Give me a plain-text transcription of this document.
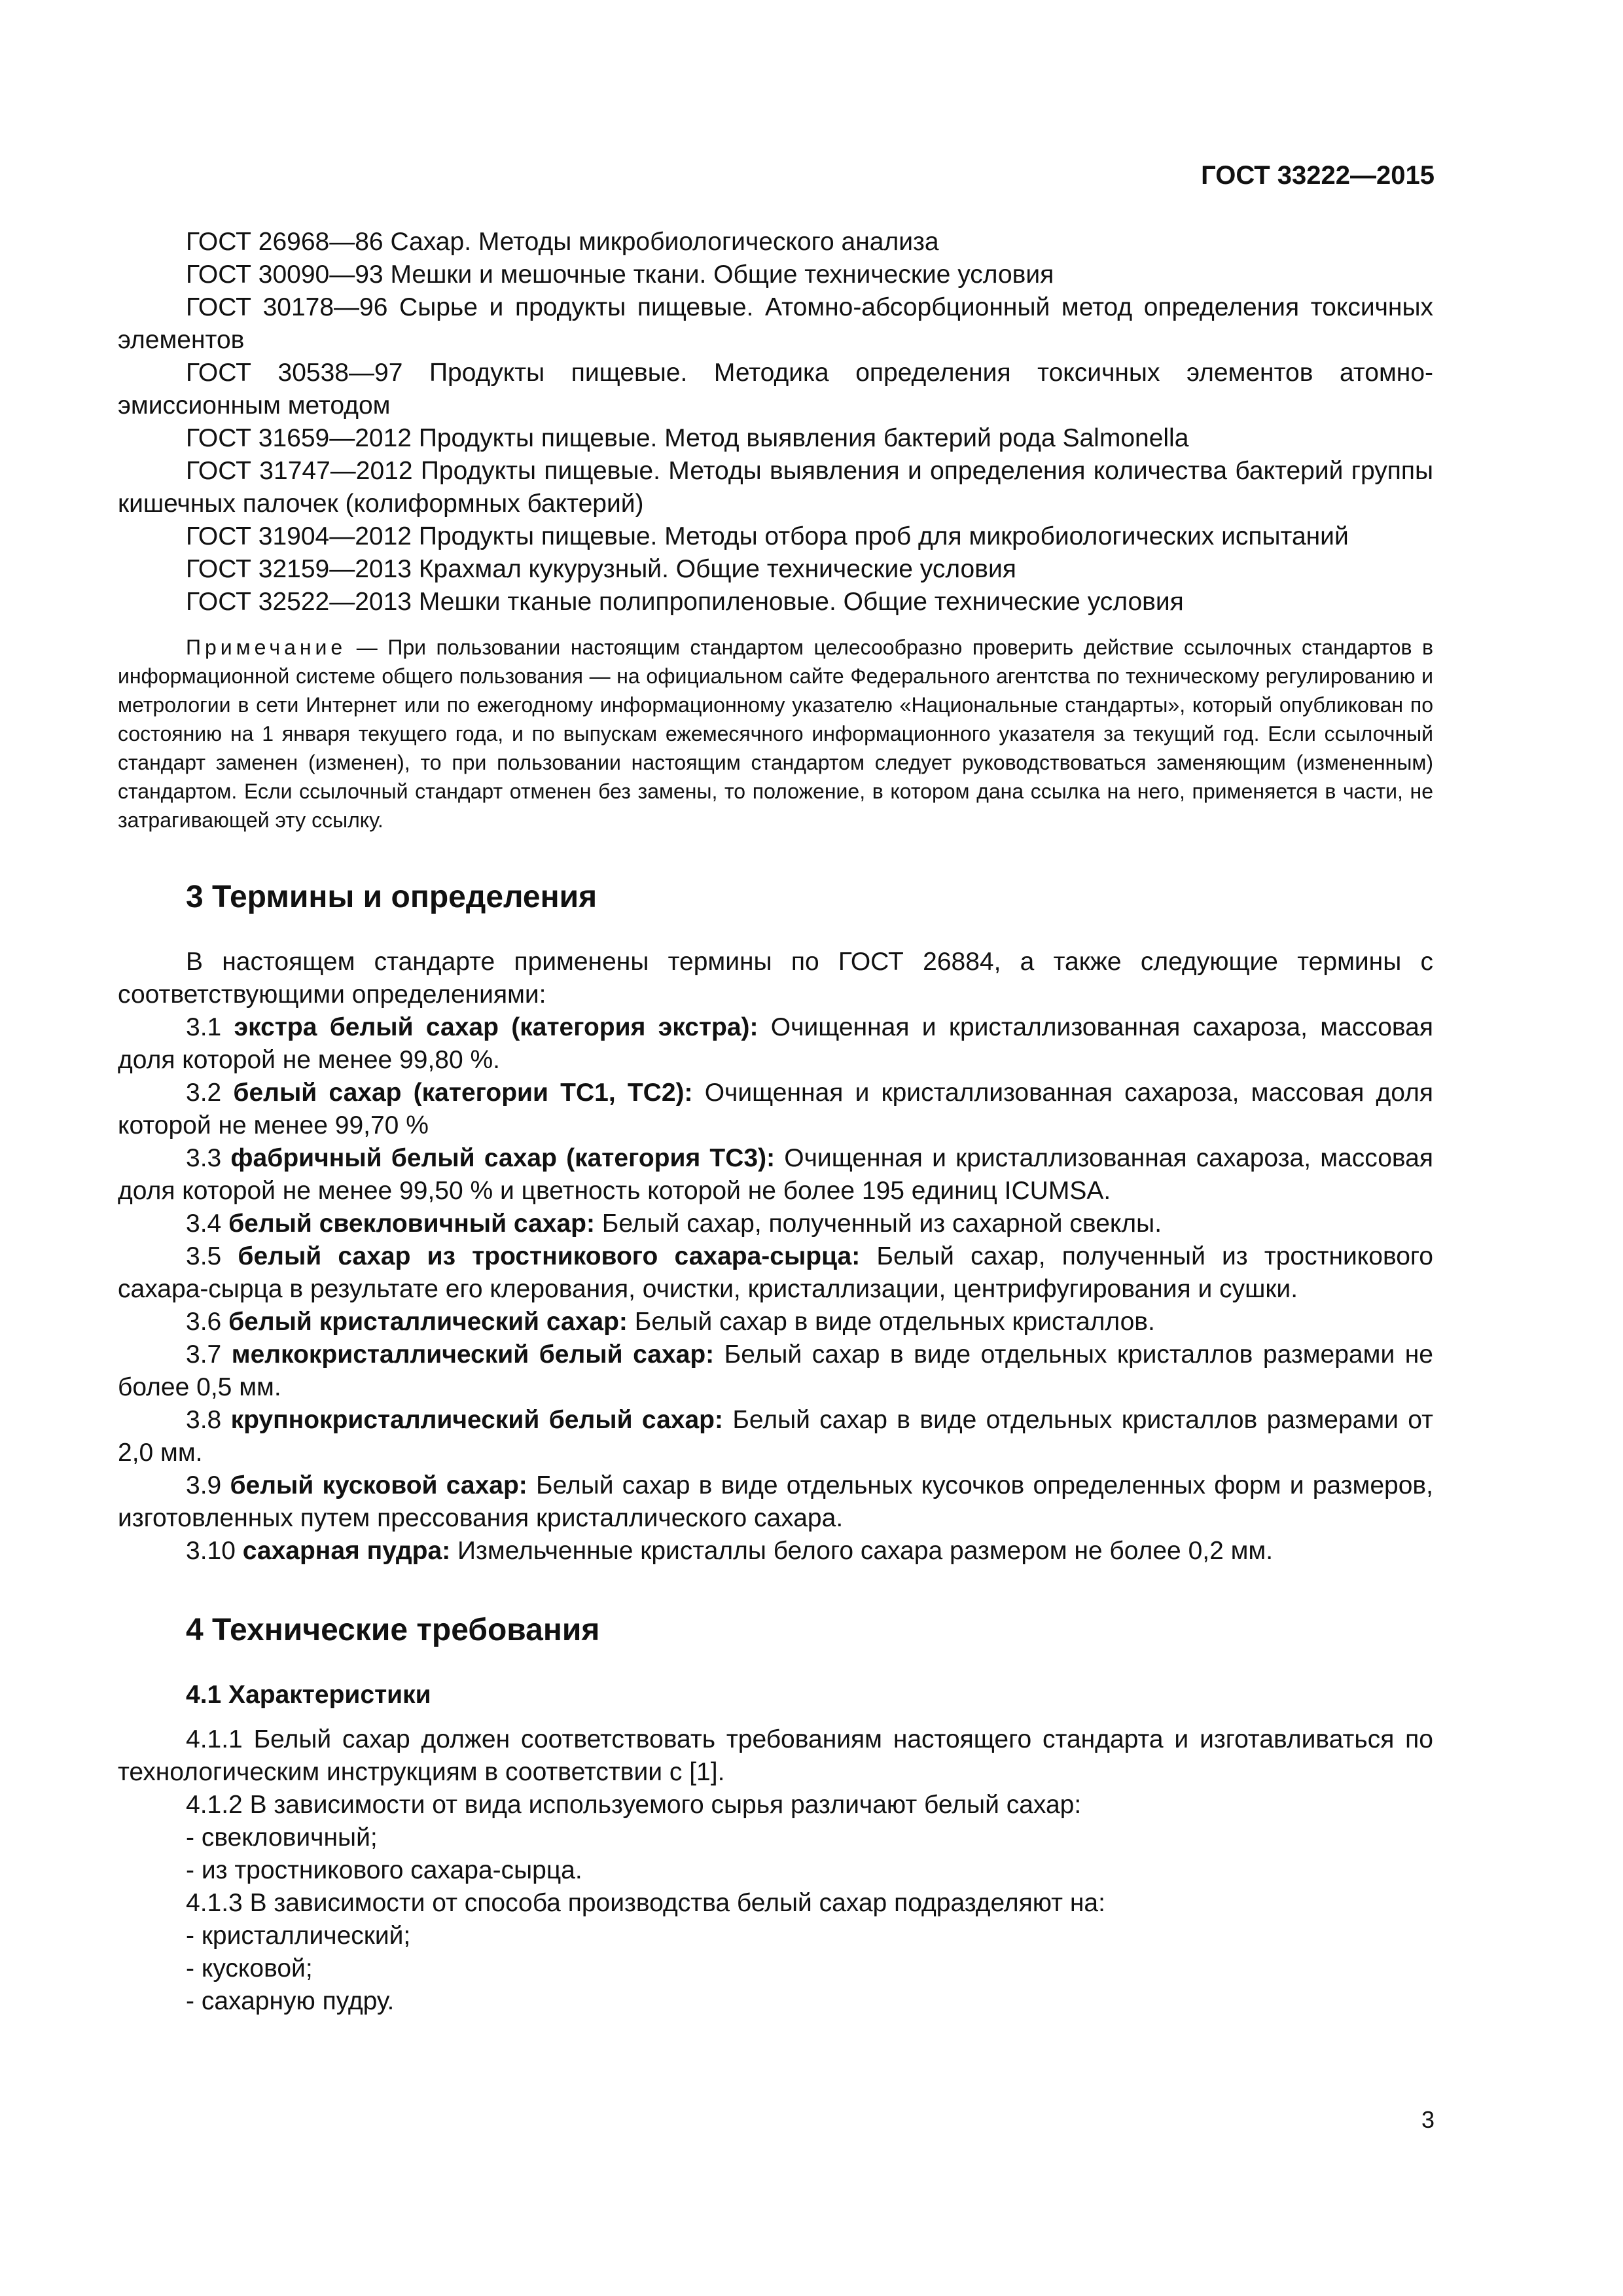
ГОСТ 33222—2015

ГОСТ 26968—86 Сахар. Методы микробиологического анализа

ГОСТ 30090—93 Мешки и мешочные ткани. Общие технические условия

ГОСТ 30178—96 Сырье и продукты пищевые. Атомно-абсорбционный метод определения токсичных элементов

ГОСТ 30538—97 Продукты пищевые. Методика определения токсичных элементов атомно-эмиссионным методом

ГОСТ 31659—2012 Продукты пищевые. Метод выявления бактерий рода Salmonella

ГОСТ 31747—2012 Продукты пищевые. Методы выявления и определения количества бактерий группы кишечных палочек (колиформных бактерий)

ГОСТ 31904—2012 Продукты пищевые. Методы отбора проб для микробиологических испытаний

ГОСТ 32159—2013 Крахмал кукурузный. Общие технические условия

ГОСТ 32522—2013 Мешки тканые полипропиленовые. Общие технические условия

Примечание — При пользовании настоящим стандартом целесообразно проверить действие ссылочных стандартов в информационной системе общего пользования — на официальном сайте Федерального агентства по техническому регулированию и метрологии в сети Интернет или по ежегодному информационному указателю «Национальные стандарты», который опубликован по состоянию на 1 января текущего года, и по выпускам ежемесячного информационного указателя за текущий год. Если ссылочный стандарт заменен (изменен), то при пользовании настоящим стандартом следует руководствоваться заменяющим (измененным) стандартом. Если ссылочный стандарт отменен без замены, то положение, в котором дана ссылка на него, применяется в части, не затрагивающей эту ссылку.

3 Термины и определения

В настоящем стандарте применены термины по ГОСТ 26884, а также следующие термины с соответствующими определениями:

3.1 экстра белый сахар (категория экстра): Очищенная и кристаллизованная сахароза, массовая доля которой не менее 99,80 %.

3.2 белый сахар (категории ТС1, ТС2): Очищенная и кристаллизованная сахароза, массовая доля которой не менее 99,70 %

3.3 фабричный белый сахар (категория ТС3): Очищенная и кристаллизованная сахароза, массовая доля которой не менее 99,50 % и цветность которой не более 195 единиц ICUMSA.

3.4 белый свекловичный сахар: Белый сахар, полученный из сахарной свеклы.

3.5 белый сахар из тростникового сахара-сырца: Белый сахар, полученный из тростникового сахара-сырца в результате его клерования, очистки, кристаллизации, центрифугирования и сушки.

3.6 белый кристаллический сахар: Белый сахар в виде отдельных кристаллов.

3.7 мелкокристаллический белый сахар: Белый сахар в виде отдельных кристаллов размерами не более 0,5 мм.

3.8 крупнокристаллический белый сахар: Белый сахар в виде отдельных кристаллов размерами от 2,0 мм.

3.9 белый кусковой сахар: Белый сахар в виде отдельных кусочков определенных форм и размеров, изготовленных путем прессования кристаллического сахара.

3.10 сахарная пудра: Измельченные кристаллы белого сахара размером не более 0,2 мм.

4 Технические требования
4.1 Характеристики

4.1.1 Белый сахар должен соответствовать требованиям настоящего стандарта и изготавливаться по технологическим инструкциям в соответствии с [1].

4.1.2 В зависимости от вида используемого сырья различают белый сахар:

- свекловичный;

- из тростникового сахара-сырца.

4.1.3 В зависимости от способа производства белый сахар подразделяют на:

- кристаллический;

- кусковой;

- сахарную пудру.

3
